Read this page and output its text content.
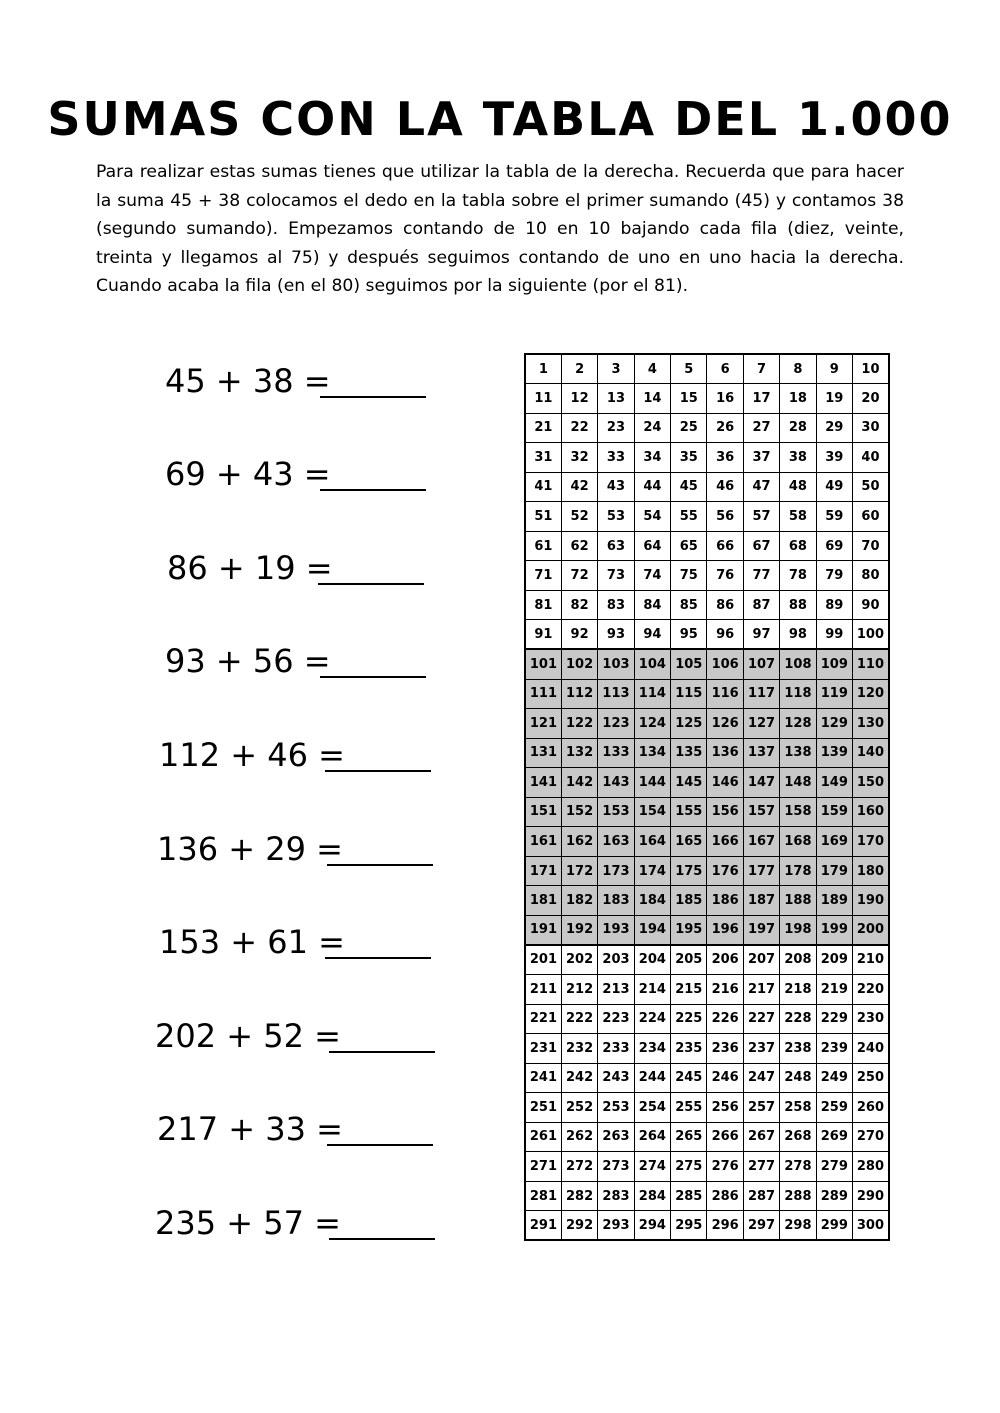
SUMAS CON LA TABLA DEL 1.000
Para realizar estas sumas tienes que utilizar la tabla de la derecha. Recuerda que para hacer la suma 45 + 38 colocamos el dedo en la tabla sobre el primer sumando (45) y contamos 38 (segundo sumando). Empezamos contando de 10 en 10 bajando cada fila (diez, veinte, treinta y llegamos al 75) y después seguimos contando de uno en uno hacia la derecha. Cuando acaba la fila (en el 80) seguimos por la siguiente (por el 81).
45 + 38 =
69 + 43 =
86 + 19 =
93 + 56 =
112 + 46 =
136 + 29 =
153 + 61 =
202 + 52 =
217 + 33 =
235 + 57 =
1	2	3	4	5	6	7	8	9	10
11	12	13	14	15	16	17	18	19	20
21	22	23	24	25	26	27	28	29	30
31	32	33	34	35	36	37	38	39	40
41	42	43	44	45	46	47	48	49	50
51	52	53	54	55	56	57	58	59	60
61	62	63	64	65	66	67	68	69	70
71	72	73	74	75	76	77	78	79	80
81	82	83	84	85	86	87	88	89	90
91	92	93	94	95	96	97	98	99	100
101	102	103	104	105	106	107	108	109	110
111	112	113	114	115	116	117	118	119	120
121	122	123	124	125	126	127	128	129	130
131	132	133	134	135	136	137	138	139	140
141	142	143	144	145	146	147	148	149	150
151	152	153	154	155	156	157	158	159	160
161	162	163	164	165	166	167	168	169	170
171	172	173	174	175	176	177	178	179	180
181	182	183	184	185	186	187	188	189	190
191	192	193	194	195	196	197	198	199	200
201	202	203	204	205	206	207	208	209	210
211	212	213	214	215	216	217	218	219	220
221	222	223	224	225	226	227	228	229	230
231	232	233	234	235	236	237	238	239	240
241	242	243	244	245	246	247	248	249	250
251	252	253	254	255	256	257	258	259	260
261	262	263	264	265	266	267	268	269	270
271	272	273	274	275	276	277	278	279	280
281	282	283	284	285	286	287	288	289	290
291	292	293	294	295	296	297	298	299	300
